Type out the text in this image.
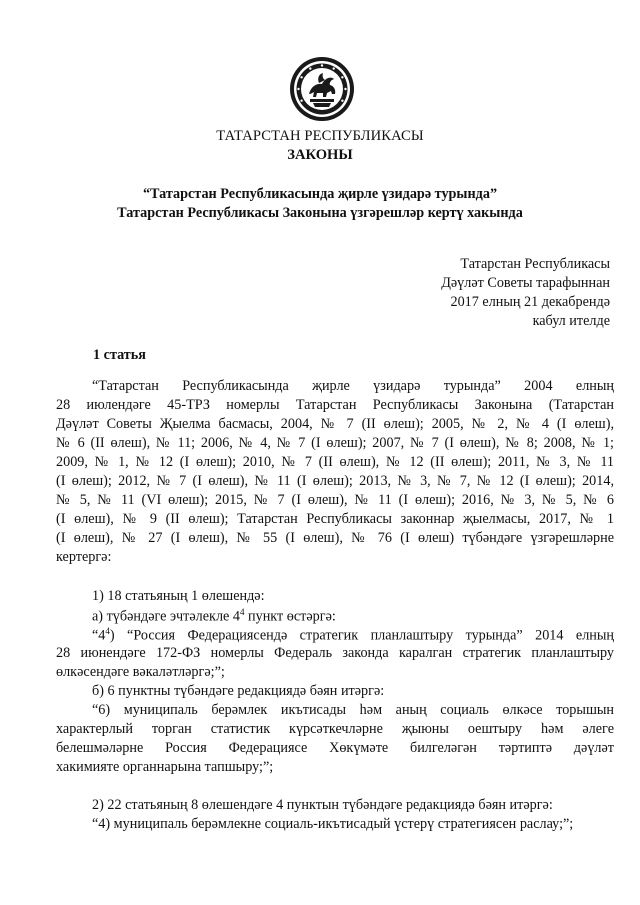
ТАТАРСТАН РЕСПУБЛИКАСЫ
ЗАКОНЫ
“Татарстан Республикасында җирле үзидарә турында”
Татарстан Республикасы Законына үзгәрешләр кертү хакында
Татарстан Республикасы
Дәүләт Советы тарафыннан
2017 елның 21 декабрендә
кабул ителде
1 статья
“Татарстан Республикасында җирле үзидарә турында” 2004 елның
28 июлендәге 45-ТРЗ номерлы Татарстан Республикасы Законына (Татарстан
Дәүләт Советы Җыелма басмасы, 2004, № 7 (II өлеш); 2005, № 2, № 4 (I өлеш),
№ 6 (II өлеш), № 11; 2006, № 4, № 7 (I өлеш); 2007, № 7 (I өлеш), № 8; 2008, № 1;
2009, № 1, № 12 (I өлеш); 2010, № 7 (II өлеш), № 12 (II өлеш); 2011, № 3, № 11
(I өлеш); 2012, № 7 (I өлеш), № 11 (I өлеш); 2013, № 3, № 7, № 12 (I өлеш); 2014,
№ 5, № 11 (VI өлеш); 2015, № 7 (I өлеш), № 11 (I өлеш); 2016, № 3, № 5, № 6
(I өлеш), № 9 (II өлеш); Татарстан Республикасы законнар җыелмасы, 2017, № 1
(I өлеш), № 27 (I өлеш), № 55 (I өлеш), № 76 (I өлеш) түбәндәге үзгәрешләрне
кертергә:
1) 18 статьяның 1 өлешендә:
а) түбәндәге эчтәлекле $4^4$ пункт өстәргә:
“$4^4$) “Россия Федерациясендә стратегик планлаштыру турында” 2014 елның
28 июнендәге 172-ФЗ номерлы Федераль законда каралган стратегик планлаштыру
өлкәсендәге вәкаләтләргә;”;
б) 6 пунктны түбәндәге редакциядә бәян итәргә:
“6) муниципаль берәмлек икътисады һәм аның социаль өлкәсе торышын
характерлый торган статистик күрсәткечләрне җыюны оештыру һәм әлеге
белешмәләрне Россия Федерациясе Хөкүмәте билгеләгән тәртиптә дәүләт
хакимияте органнарына тапшыру;”;
2) 22 статьяның 8 өлешендәге 4 пунктын түбәндәге редакциядә бәян итәргә:
“4) муниципаль берәмлекне социаль-икътисадый үстерү стратегиясен раслау;”;
